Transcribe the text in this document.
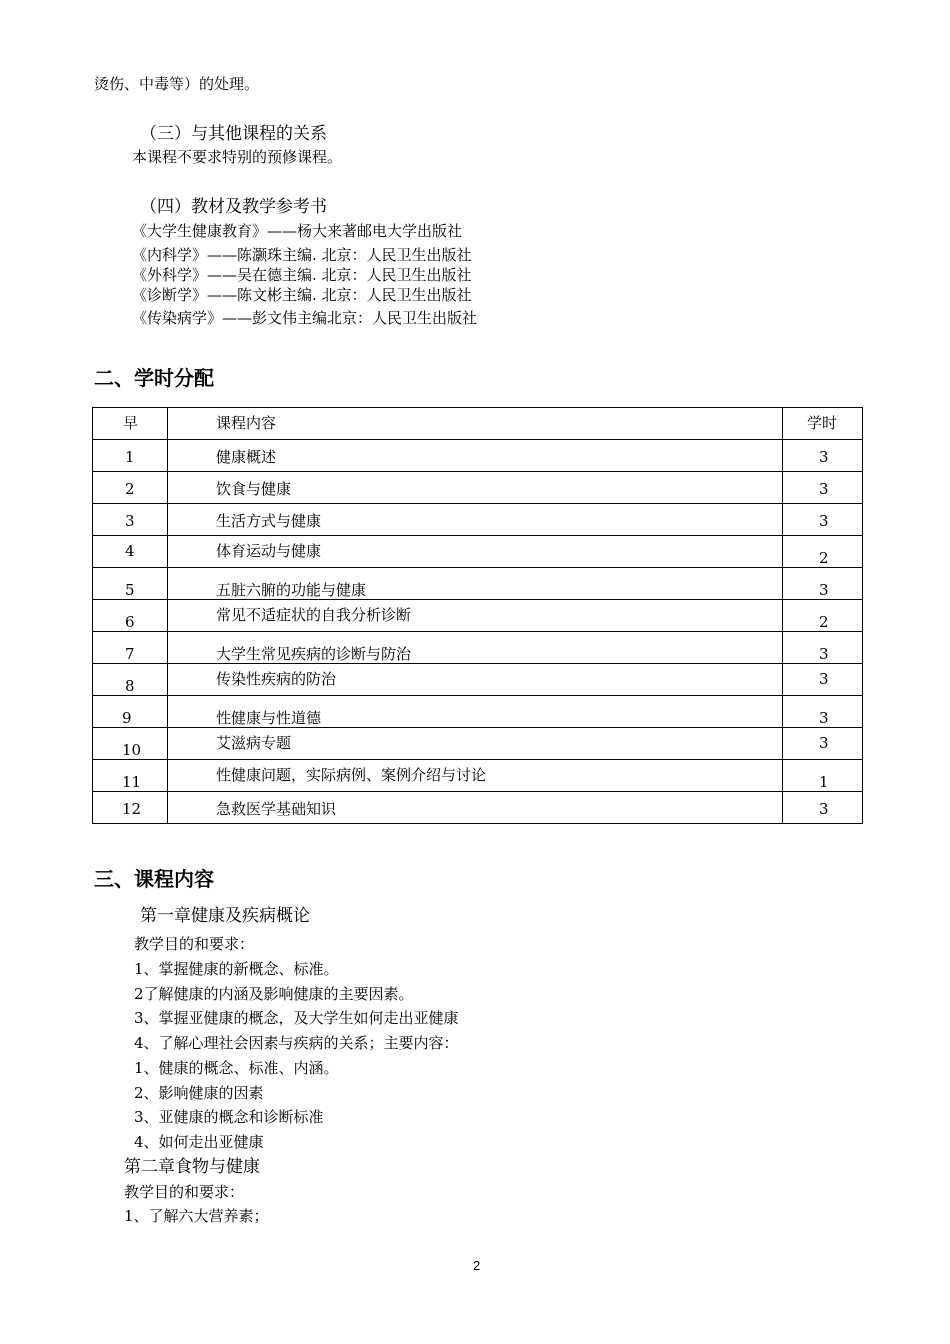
烫伤、中毒等）的处理。
（三）与其他课程的关系
本课程不要求特别的预修课程。
（四）教材及教学参考书
《大学生健康教育》——杨大来著邮电大学出版社
《内科学》——陈灏珠主编. 北京：人民卫生出版社
《外科学》——吴在德主编. 北京：人民卫生出版社
《诊断学》——陈文彬主编. 北京：人民卫生出版社
《传染病学》——彭文伟主编北京：人民卫生出版社
二、学时分配
早	课程内容	学时

1	健康概述	3

2	饮食与健康	3

3	生活方式与健康	3

4	体育运动与健康	2

5	五脏六腑的功能与健康	3

6	常见不适症状的自我分析诊断	2

7	大学生常见疾病的诊断与防治	3

8	传染性疾病的防治	3

9	性健康与性道德	3

10	艾滋病专题	3

11	性健康问题，实际病例、案例介绍与讨论	1

12	急救医学基础知识	3
三、课程内容
第一章健康及疾病概论
教学目的和要求：
1、掌握健康的新概念、标准。
2了解健康的内涵及影响健康的主要因素。
3、掌握亚健康的概念，及大学生如何走出亚健康
4、了解心理社会因素与疾病的关系；主要内容：
1、健康的概念、标准、内涵。
2、影响健康的因素
3、亚健康的概念和诊断标准
4、如何走出亚健康
第二章食物与健康
教学目的和要求：
1、了解六大营养素；
2
